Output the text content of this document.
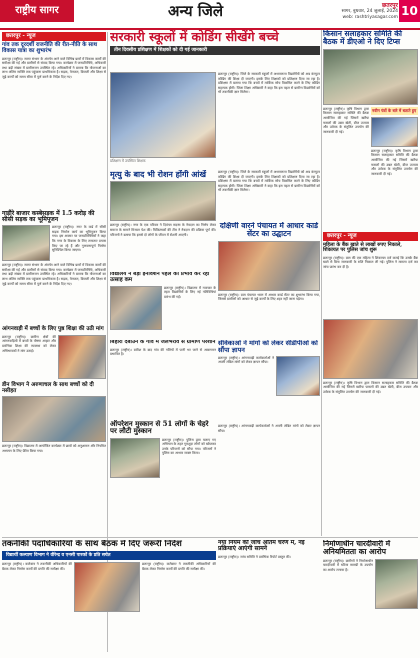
राष्ट्रीय सागर	अन्य जिले	छतरपुर
सागर, बुधवार, 24 जुलाई, 2024
web: rashtriyasagar.com 10
छतरपुर - न्यूज
गांव तक दूरदर्शी राजनीति की रीत-नीति के साथ विकास यात्रा का शुभारंभ
छतरपुर (राष्ट्रीय)। सागर संभाग के अंतर्गत आने वाले विभिन्न ग्रामों में विकास कार्यों की समीक्षा की गई और ग्रामीणों से संवाद किया गया। कार्यक्रम में जनप्रतिनिधि, अधिकारी तथा बड़ी संख्या में ग्रामीणजन उपस्थित रहे। अधिकारियों ने बताया कि योजनाओं का लाभ अंतिम व्यक्ति तक पहुंचाना प्राथमिकता है। सड़क, पेयजल, बिजली और शिक्षा से जुड़े कार्यों को समय सीमा में पूर्ण करने के निर्देश दिए गए।
गाड़ीेरे बाजार कस्बेसड़क में 1.5 करोड़ की सीसी सड़क का भूमिपूजन
छतरपुर (राष्ट्रीय)। नगर के वार्ड में सीसी सड़क निर्माण कार्य का भूमिपूजन किया गया। इस अवसर पर जनप्रतिनिधियों ने कहा कि नगर के विकास के लिए लगातार प्रयास किए जा रहे हैं और गुणवत्तापूर्ण निर्माण सुनिश्चित किया जाएगा।
छतरपुर (राष्ट्रीय)। सागर संभाग के अंतर्गत आने वाले विभिन्न ग्रामों में विकास कार्यों की समीक्षा की गई और ग्रामीणों से संवाद किया गया। कार्यक्रम में जनप्रतिनिधि, अधिकारी तथा बड़ी संख्या में ग्रामीणजन उपस्थित रहे। अधिकारियों ने बताया कि योजनाओं का लाभ अंतिम व्यक्ति तक पहुंचाना प्राथमिकता है। सड़क, पेयजल, बिजली और शिक्षा से जुड़े कार्यों को समय सीमा में पूर्ण करने के निर्देश दिए गए।
आंगनवाड़ी में बच्चों के लिए पुष्ठ शिक्षा की उठी मांग
छतरपुर (राष्ट्रीय)। ग्रामीण क्षेत्रों की आंगनवाड़ियों में बच्चों के पोषण आहार और प्रारंभिक शिक्षा की व्यवस्था को लेकर अभिभावकों ने मांग उठाई।
डीन विभाग ने अरुणाचल के साथ बच्चों को दी नसीहत
छतरपुर (राष्ट्रीय)। विद्यालय में आयोजित कार्यक्रम में छात्रों को अनुशासन और नियमित अध्ययन के लिए प्रेरित किया गया।
सरकारी स्कूलों में कोडिंग सीखेंगे बच्चे
तीन दिवसीय प्रशिक्षण में शिक्षकों को दी गई जानकारी
प्रशिक्षण में उपस्थित शिक्षक
छतरपुर (राष्ट्रीय)। जिले के सरकारी स्कूलों में अध्ययनरत विद्यार्थियों को अब कंप्यूटर कोडिंग की शिक्षा दी जाएगी। इसके लिए शिक्षकों को प्रशिक्षण दिया जा रहा है। प्रशिक्षण में बताया गया कि बच्चों में तार्किक सोच विकसित करने के लिए कोडिंग सहायक होगी। जिला शिक्षा अधिकारी ने कहा कि इस पहल से ग्रामीण विद्यार्थियों को भी तकनीकी ज्ञान मिलेगा।
मृत्यु के बाद भी रोशन होंगी आंखें
छतरपुर (राष्ट्रीय)। नगर के एक परिवार ने दिवंगत सदस्य के नेत्रदान का निर्णय लेकर समाज के सामने मिसाल पेश की। चिकित्सकों की टीम ने नेत्रदान की प्रक्रिया पूर्ण की। परिजनों ने बताया कि इससे दो लोगों के जीवन में रोशनी आएगी।
छतरपुर (राष्ट्रीय)। जिले के सरकारी स्कूलों में अध्ययनरत विद्यार्थियों को अब कंप्यूटर कोडिंग की शिक्षा दी जाएगी। इसके लिए शिक्षकों को प्रशिक्षण दिया जा रहा है। प्रशिक्षण में बताया गया कि बच्चों में तार्किक सोच विकसित करने के लिए कोडिंग सहायक होगी। जिला शिक्षा अधिकारी ने कहा कि इस पहल से ग्रामीण विद्यार्थियों को भी तकनीकी ज्ञान मिलेगा।
दक्षिणी वारने पंचायत में आधार कार्ड सेंटर का उद्घाटन
छतरपुर (राष्ट्रीय)। ग्राम पंचायत भवन में आधार कार्ड सेंटर का शुभारंभ किया गया, जिससे ग्रामीणों को आधार से जुड़े कार्यों के लिए शहर नहीं जाना पड़ेगा।
विद्यालय ने बड़ा इनोवेशन पहल की प्रभाव कर रहा उत्साह कम
छतरपुर (राष्ट्रीय)। विद्यालय में नवाचार के तहत विद्यार्थियों के लिए नई गतिविधियां प्रारंभ की गईं।
बिहारी दबाउन के गांव में जलभराव से ग्रामीण परेशान
छतरपुर (राष्ट्रीय)। बारिश के बाद गांव की गलियों में पानी भर जाने से आवागमन प्रभावित है।
सेविकाओं ने मांगों को लेकर सीडीपीओ को सौंपा ज्ञापन
छतरपुर (राष्ट्रीय)। आंगनवाड़ी कार्यकर्ताओं ने अपनी लंबित मांगों को लेकर ज्ञापन सौंपा।
ऑपरेशन मुस्कान से 51 लोगों के चेहरे पर लौटी मुस्कान
छतरपुर (राष्ट्रीय)। पुलिस द्वारा चलाए गए अभियान के तहत गुमशुदा लोगों को खोजकर उनके परिजनों को सौंपा गया। परिजनों ने पुलिस का आभार व्यक्त किया।
छतरपुर (राष्ट्रीय)। आंगनवाड़ी कार्यकर्ताओं ने अपनी लंबित मांगों को लेकर ज्ञापन सौंपा।
तकनीकी पदाधिकारियों के साथ बैठक में दिए जरूरी निर्देश
विद्यार्थी कल्याण विभाग ने वीरेन्द्र व एनसी पारकों के प्रति सचेत
छतरपुर (राष्ट्रीय)। कलेक्टर ने तकनीकी अधिकारियों की बैठक लेकर निर्माण कार्यों की प्रगति की समीक्षा की।
छतरपुर (राष्ट्रीय)। कलेक्टर ने तकनीकी अधिकारियों की बैठक लेकर निर्माण कार्यों की प्रगति की समीक्षा की।
नया नियम की जांच अंतिम चरण में, नई प्रक्रियाएं आएंगी सामने
छतरपुर (राष्ट्रीय)। जांच समिति ने प्रारंभिक रिपोर्ट प्रस्तुत की।
किसान सलाहकार समिति की बैठक में डीएओ ने दिए टिप्स
छतरपुर (राष्ट्रीय)। कृषि विभाग द्वारा किसान सलाहकार समिति की बैठक आयोजित की गई जिसमें खरीफ फसलों की उन्नत खेती, बीज उपचार और उर्वरक के संतुलित उपयोग की जानकारी दी गई।
नवीन यंत्रों के बारे में बताते हुए
छतरपुर (राष्ट्रीय)। कृषि विभाग द्वारा किसान सलाहकार समिति की बैठक आयोजित की गई जिसमें खरीफ फसलों की उन्नत खेती, बीज उपचार और उर्वरक के संतुलित उपयोग की जानकारी दी गई।
छतरपुर - न्यूज
महिला के बैंक खाते से लाखों रुपए निकाले, शिकायत पर पुलिस जांच शुरू
छतरपुर (राष्ट्रीय)। ग्राम की एक महिला ने शिकायत दर्ज कराई कि उसके बैंक खाते से बिना जानकारी के राशि निकाल ली गई। पुलिस ने मामला दर्ज कर जांच प्रारंभ कर दी है।
छतरपुर (राष्ट्रीय)। कृषि विभाग द्वारा किसान सलाहकार समिति की बैठक आयोजित की गई जिसमें खरीफ फसलों की उन्नत खेती, बीज उपचार और उर्वरक के संतुलित उपयोग की जानकारी दी गई।
निर्माणाधीन चारदीवारी में अनियमितता का आरोप
छतरपुर (राष्ट्रीय)। ग्रामीणों ने निर्माणाधीन चारदीवारी में घटिया सामग्री के उपयोग का आरोप लगाया है।
